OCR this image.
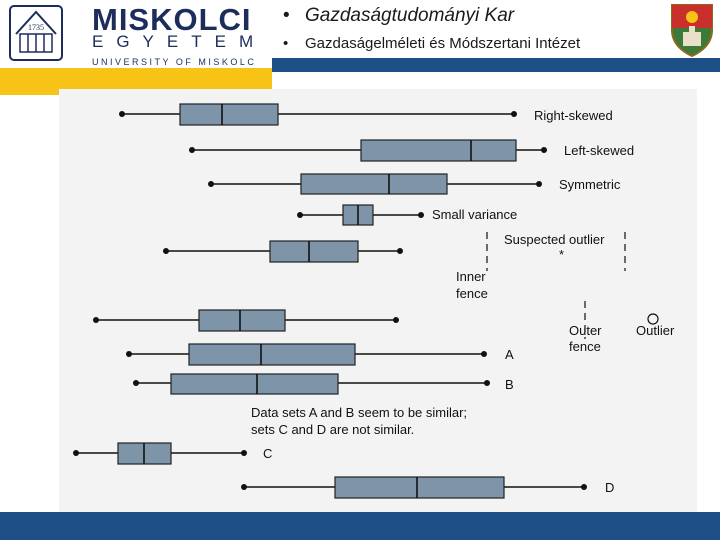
1735 MISKOLCI
EGYETEM
UNIVERSITY OF MISKOLC
• Gazdaságtudományi Kar
• Gazdaságelméleti és Módszertani Intézet
Right-skewed
Left-skewed
Symmetric
Small variance
Suspected outlier
*
Inner
fence
Outer
fence
Outlier
A
B
Data sets A and B seem to be similar;
sets C and D are not similar.
C
D
